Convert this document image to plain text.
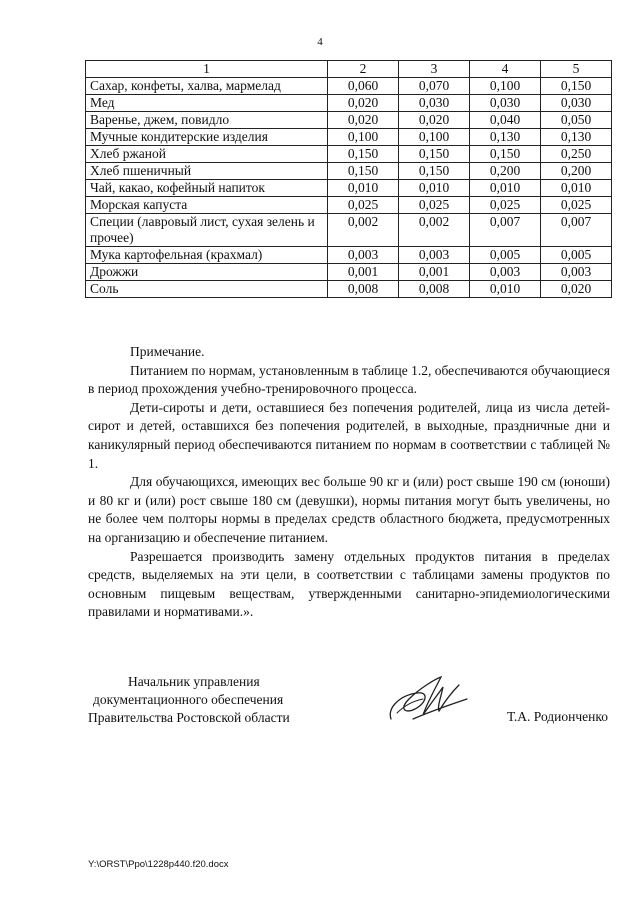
4
1	2	3	4	5
Сахар, конфеты, халва, мармелад	0,060	0,070	0,100	0,150
Мед	0,020	0,030	0,030	0,030
Варенье, джем, повидло	0,020	0,020	0,040	0,050
Мучные кондитерские изделия	0,100	0,100	0,130	0,130
Хлеб ржаной	0,150	0,150	0,150	0,250
Хлеб пшеничный	0,150	0,150	0,200	0,200
Чай, какао, кофейный напиток	0,010	0,010	0,010	0,010
Морская капуста	0,025	0,025	0,025	0,025
Специи (лавровый лист, сухая зелень и прочее)	0,002	0,002	0,007	0,007
Мука картофельная (крахмал)	0,003	0,003	0,005	0,005
Дрожжи	0,001	0,001	0,003	0,003
Соль	0,008	0,008	0,010	0,020

Примечание.

Питанием по нормам, установленным в таблице 1.2, обеспечиваются обучающиеся в период прохождения учебно-тренировочного процесса.

Дети-сироты и дети, оставшиеся без попечения родителей, лица из числа детей-сирот и детей, оставшихся без попечения родителей, в выходные, праздничные дни и каникулярный период обеспечиваются питанием по нормам в соответствии с таблицей № 1.

Для обучающихся, имеющих вес больше 90 кг и (или) рост свыше 190 см (юноши) и 80 кг и (или) рост свыше 180 см (девушки), нормы питания могут быть увеличены, но не более чем полторы нормы в пределах средств областного бюджета, предусмотренных на организацию и обеспечение питанием.

Разрешается производить замену отдельных продуктов питания в пределах средств, выделяемых на эти цели, в соответствии с таблицами замены продуктов по основным пищевым веществам, утвержденными санитарно-эпидемиологическими правилами и нормативами.».

Начальник управления
документационного обеспечения
Правительства Ростовской области	Т.А. Родионченко
Y:\ORST\Ppo\1228p440.f20.docx
